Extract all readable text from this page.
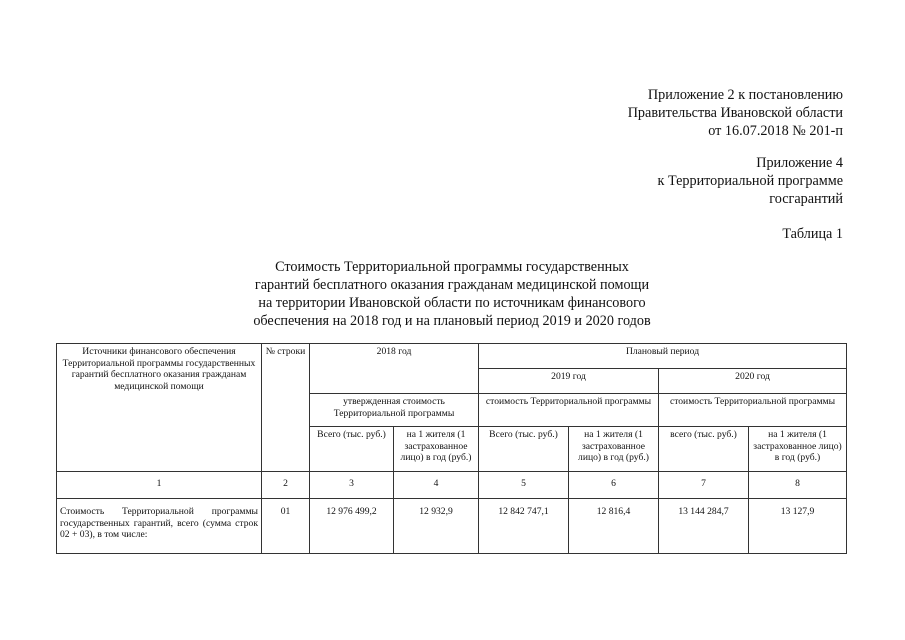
Приложение 2 к постановлению
Правительства Ивановской области
от 16.07.2018 № 201-п
Приложение 4
к Территориальной программе
госгарантий
Таблица 1
Стоимость Территориальной программы государственных
гарантий бесплатного оказания гражданам медицинской помощи
на территории Ивановской области по источникам финансового
обеспечения на 2018 год и на плановый период 2019 и 2020 годов
Источники финансового обеспечения Территориальной программы государственных гарантий бесплатного оказания гражданам медицинской помощи	№ строки	2018 год		Плановый период			
				2019 год		2020 год	
		утвержденная стоимость Территориальной программы		стоимость Территориальной программы		стоимость Территориальной программы	
		Всего (тыс. руб.)	на 1 жителя (1 застрахованное лицо) в год (руб.)	Всего (тыс. руб.)	на 1 жителя (1 застрахованное лицо) в год (руб.)	всего (тыс. руб.)	на 1 жителя (1 застрахованное лицо) в год (руб.)
1	2	3	4	5	6	7	8
Стоимость Территориальной программы государственных гарантий, всего (сумма строк 02 + 03), в том числе:	01	12 976 499,2	12 932,9	12 842 747,1	12 816,4	13 144 284,7	13 127,9
